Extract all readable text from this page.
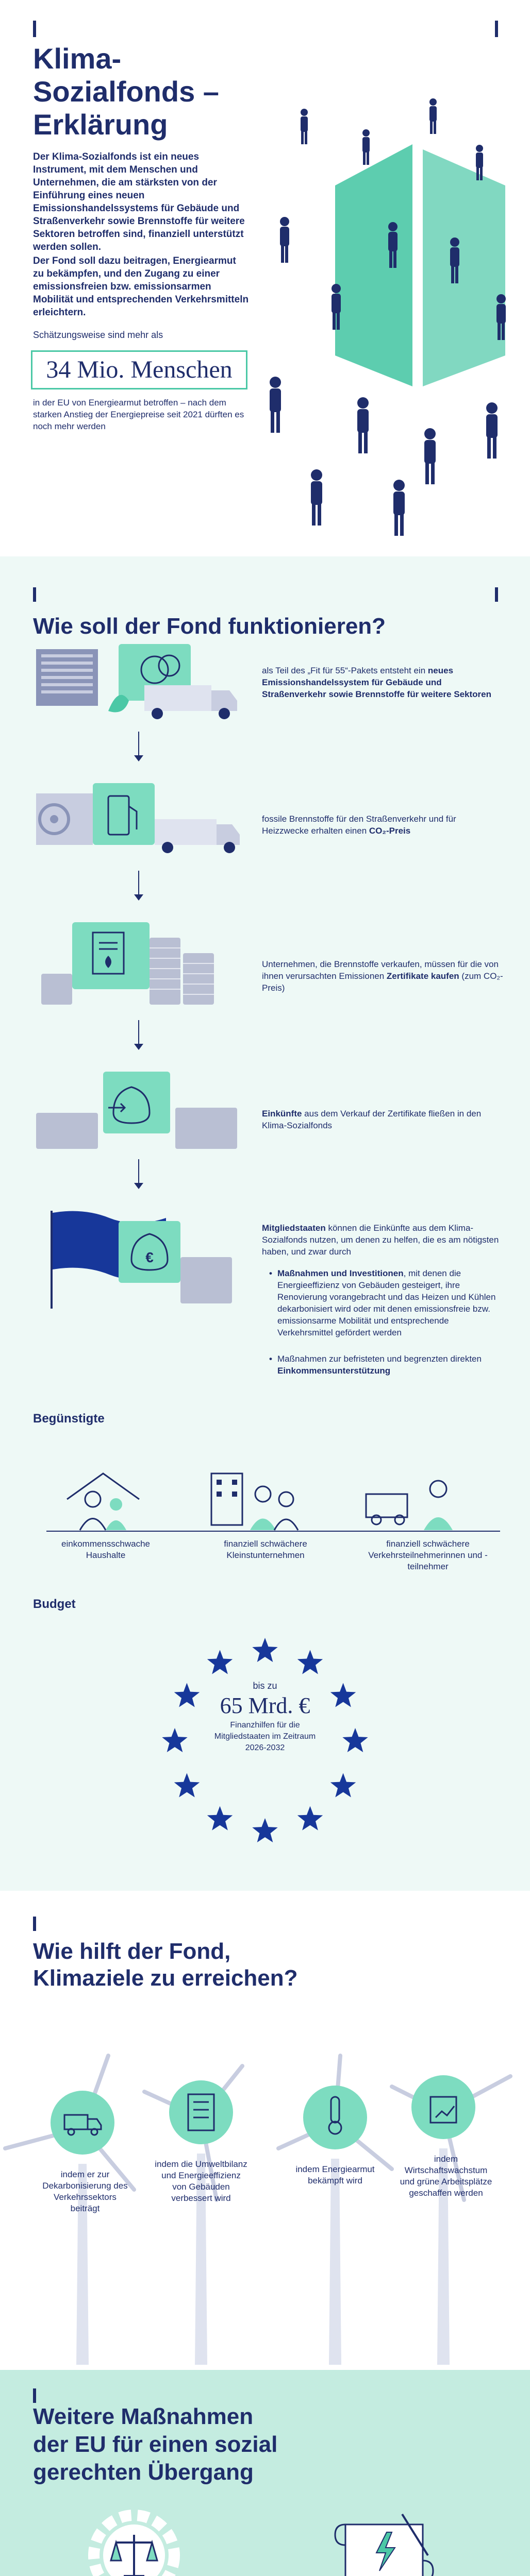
Klima-
Sozialfonds – Erklärung

Der Klima-Sozialfonds ist ein neues Instrument, mit dem Menschen und Unternehmen, die am stärksten von der Einführung eines neuen Emissionshandelssystems für Gebäude und Straßenverkehr sowie Brennstoffe für weitere Sektoren betroffen sind, finanziell unterstützt werden sollen.

Der Fond soll dazu beitragen, Energiearmut zu bekämpfen, und den Zugang zu einer emissionsfreien bzw. emissionsarmen Mobilität und entsprechenden Verkehrsmitteln erleichtern.

Schätzungsweise sind mehr als

34 Mio. Menschen

in der EU von Energiearmut betroffen – nach dem starken Anstieg der Energiepreise seit 2021 dürften es noch mehr werden

Wie soll der Fond funktionieren?

als Teil des „Fit für 55“-Pakets entsteht ein neues Emissionshandelssystem für Gebäude und Straßenverkehr sowie Brennstoffe für weitere Sektoren

fossile Brennstoffe für den Straßenverkehr und für Heizzwecke erhalten einen CO₂-Preis

Unternehmen, die Brennstoffe verkaufen, müssen für die von ihnen verursachten Emissionen Zertifikate kaufen (zum CO₂-Preis)

Einkünfte aus dem Verkauf der Zertifikate fließen in den Klima-Sozialfonds

€

Mitgliedstaaten können die Einkünfte aus dem Klima-Sozialfonds nutzen, um denen zu helfen, die es am nötigsten haben, und zwar durch

• Maßnahmen und Investitionen, mit denen die Energieeffizienz von Gebäuden gesteigert, ihre Renovierung vorangebracht und das Heizen und Kühlen dekarbonisiert wird oder mit denen emissionsfreie bzw. emissionsarme Mobilität und entsprechende Verkehrsmittel gefördert werden

• Maßnahmen zur befristeten und begrenzten direkten Einkommensunterstützung

Begünstigte

einkommensschwache Haushalte

finanziell schwächere Kleinstunternehmen

finanziell schwächere Verkehrsteilnehmerinnen und -teilnehmer

Budget
bis zu
65 Mrd. €
Finanzhilfen für die Mitgliedstaaten im Zeitraum 2026-2032
Wie hilft der Fond,
Klimaziele zu erreichen?

indem er zur Dekarbonisierung des Verkehrssektors beiträgt

indem die Umweltbilanz und Energieeffizienz von Gebäuden verbessert wird

indem Energiearmut bekämpft wird

indem Wirtschaftswachstum und grüne Arbeitsplätze geschaffen werden

Weitere Maßnahmen
der EU für einen sozial
gerechten Übergang
